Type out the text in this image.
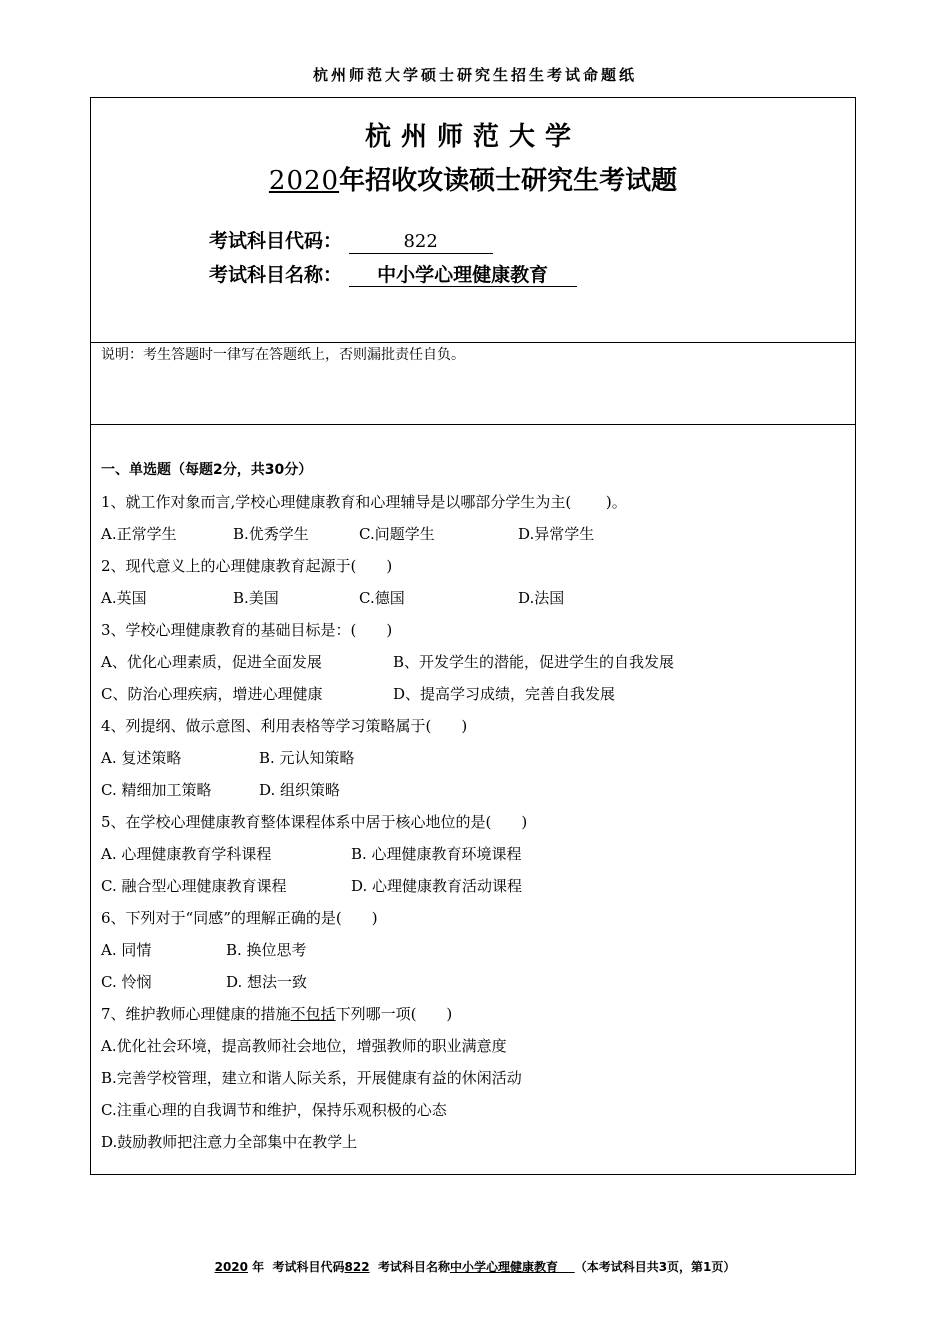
杭州师范大学硕士研究生招生考试命题纸
杭州师范大学
2020年招收攻读硕士研究生考试题
考试科目代码：	822
考试科目名称： 中小学心理健康教育
说明：考生答题时一律写在答题纸上，否则漏批责任自负。
一、单选题（每题2分，共30分）
1、就工作对象而言,学校心理健康教育和心理辅导是以哪部分学生为主(　　 )。
A.正常学生	B.优秀学生	C.问题学生	D.异常学生
2、现代意义上的心理健康教育起源于(　　)
A.英国	B.美国	C.德国	D.法国
3、学校心理健康教育的基础目标是：(　　)
A、优化心理素质，促进全面发展	B、开发学生的潜能，促进学生的自我发展
C、防治心理疾病，增进心理健康	D、提高学习成绩，完善自我发展
4、列提纲、做示意图、利用表格等学习策略属于(　　)
A. 复述策略	B. 元认知策略
C. 精细加工策略	D. 组织策略
5、在学校心理健康教育整体课程体系中居于核心地位的是(　　)
A. 心理健康教育学科课程	B. 心理健康教育环境课程
C. 融合型心理健康教育课程	D. 心理健康教育活动课程
6、下列对于“同感”的理解正确的是(　　)
A. 同情	B. 换位思考
C. 怜悯	D. 想法一致
7、维护教师心理健康的措施不包括下列哪一项(　　)
A.优化社会环境，提高教师社会地位，增强教师的职业满意度
B.完善学校管理，建立和谐人际关系，开展健康有益的休闲活动
C.注重心理的自我调节和维护，保持乐观积极的心态
D.鼓励教师把注意力全部集中在教学上
2020 年  考试科目代码822  考试科目名称中小学心理健康教育 （本考试科目共3页，第1页）
